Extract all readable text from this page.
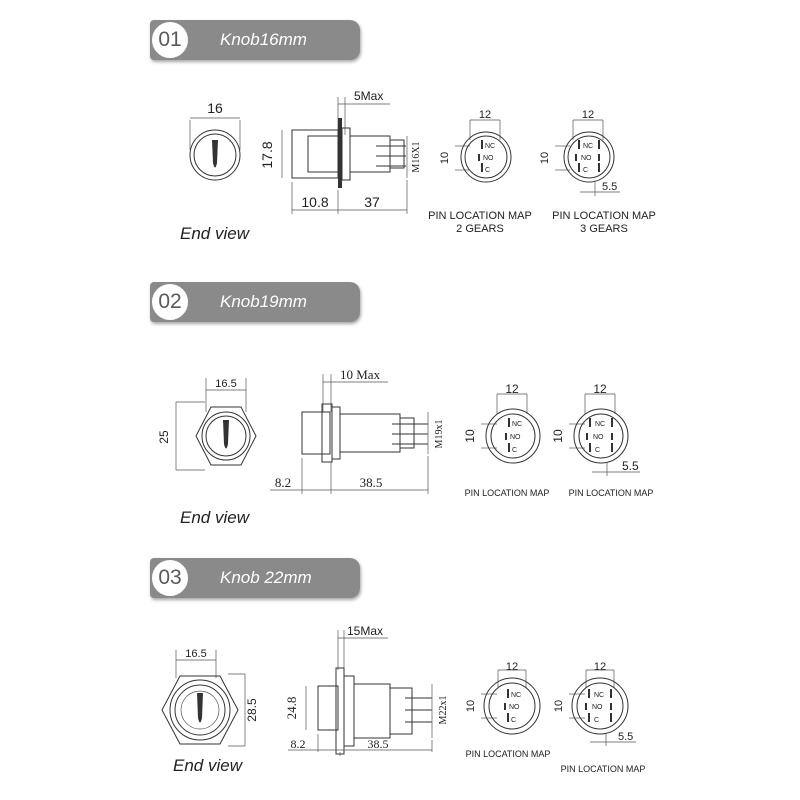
01	Knob16mm
End view
16
5Max
M16X1
17.8
10.8	37
12
10
NC
NO
C
PIN LOCATION MAP
2 GEARS
12
10
NC
NO
C
5.5
PIN LOCATION MAP
3 GEARS
02	Knob19mm
End view
16.5
25
10 Max
M19x1
8.2	38.5
12
10
NC
NO
C
PIN LOCATION MAP
12
10
NC
NO
C
5.5
PIN LOCATION MAP
03	Knob 22mm
End view
16.5
28.5
15Max
M22x1
24.8
8.2	38.5
12
10
NC
NO
C
PIN LOCATION MAP
12
10
NC
NO
C
5.5
PIN LOCATION MAP
